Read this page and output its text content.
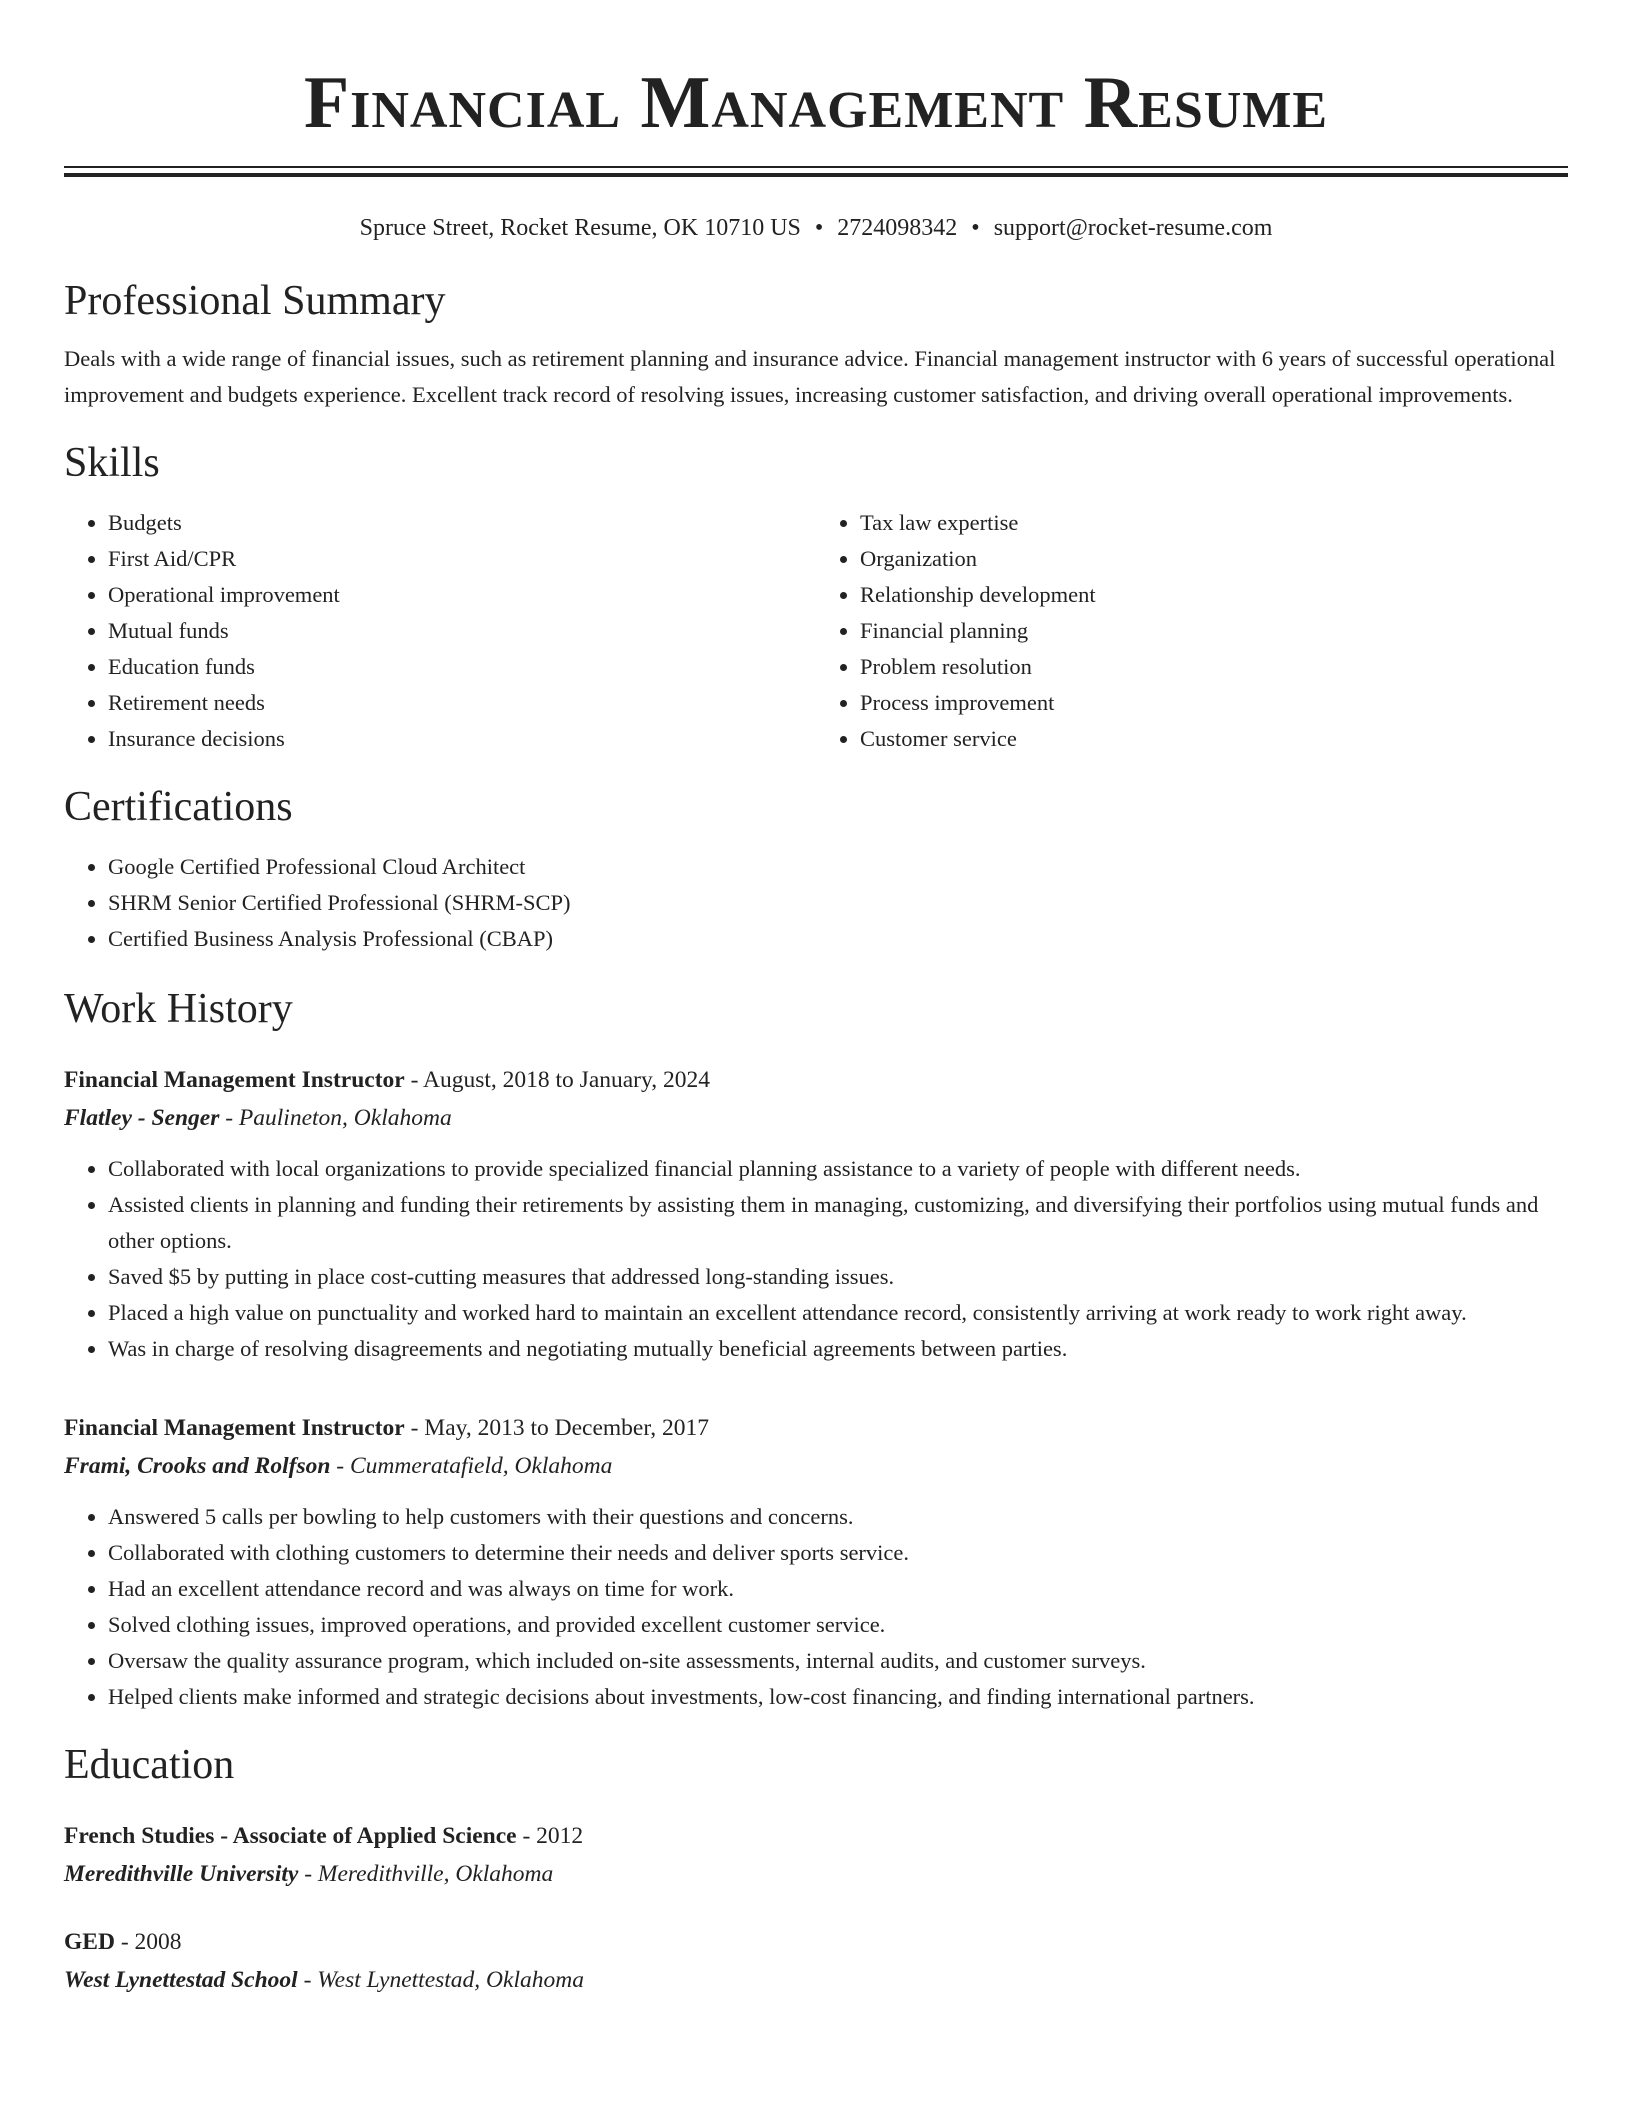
Financial Management Resume
Spruce Street, Rocket Resume, OK 10710 US • 2724098342 • support@rocket-resume.com
Professional Summary

Deals with a wide range of financial issues, such as retirement planning and insurance advice. Financial management instructor with 6 years of successful operational improvement and budgets experience. Excellent track record of resolving issues, increasing customer satisfaction, and driving overall operational improvements.

Skills
• Budgets
• First Aid/CPR
• Operational improvement
• Mutual funds
• Education funds
• Retirement needs
• Insurance decisions
• Tax law expertise
• Organization
• Relationship development
• Financial planning
• Problem resolution
• Process improvement
• Customer service
Certifications
• Google Certified Professional Cloud Architect
• SHRM Senior Certified Professional (SHRM-SCP)
• Certified Business Analysis Professional (CBAP)
Work History
Financial Management Instructor - August, 2018 to January, 2024
Flatley - Senger - Paulineton, Oklahoma
• Collaborated with local organizations to provide specialized financial planning assistance to a variety of people with different needs.
• Assisted clients in planning and funding their retirements by assisting them in managing, customizing, and diversifying their portfolios using mutual funds and other options.
• Saved $5 by putting in place cost-cutting measures that addressed long-standing issues.
• Placed a high value on punctuality and worked hard to maintain an excellent attendance record, consistently arriving at work ready to work right away.
• Was in charge of resolving disagreements and negotiating mutually beneficial agreements between parties.
Financial Management Instructor - May, 2013 to December, 2017
Frami, Crooks and Rolfson - Cummeratafield, Oklahoma
• Answered 5 calls per bowling to help customers with their questions and concerns.
• Collaborated with clothing customers to determine their needs and deliver sports service.
• Had an excellent attendance record and was always on time for work.
• Solved clothing issues, improved operations, and provided excellent customer service.
• Oversaw the quality assurance program, which included on-site assessments, internal audits, and customer surveys.
• Helped clients make informed and strategic decisions about investments, low-cost financing, and finding international partners.
Education
French Studies - Associate of Applied Science - 2012
Meredithville University - Meredithville, Oklahoma
GED - 2008
West Lynettestad School - West Lynettestad, Oklahoma
